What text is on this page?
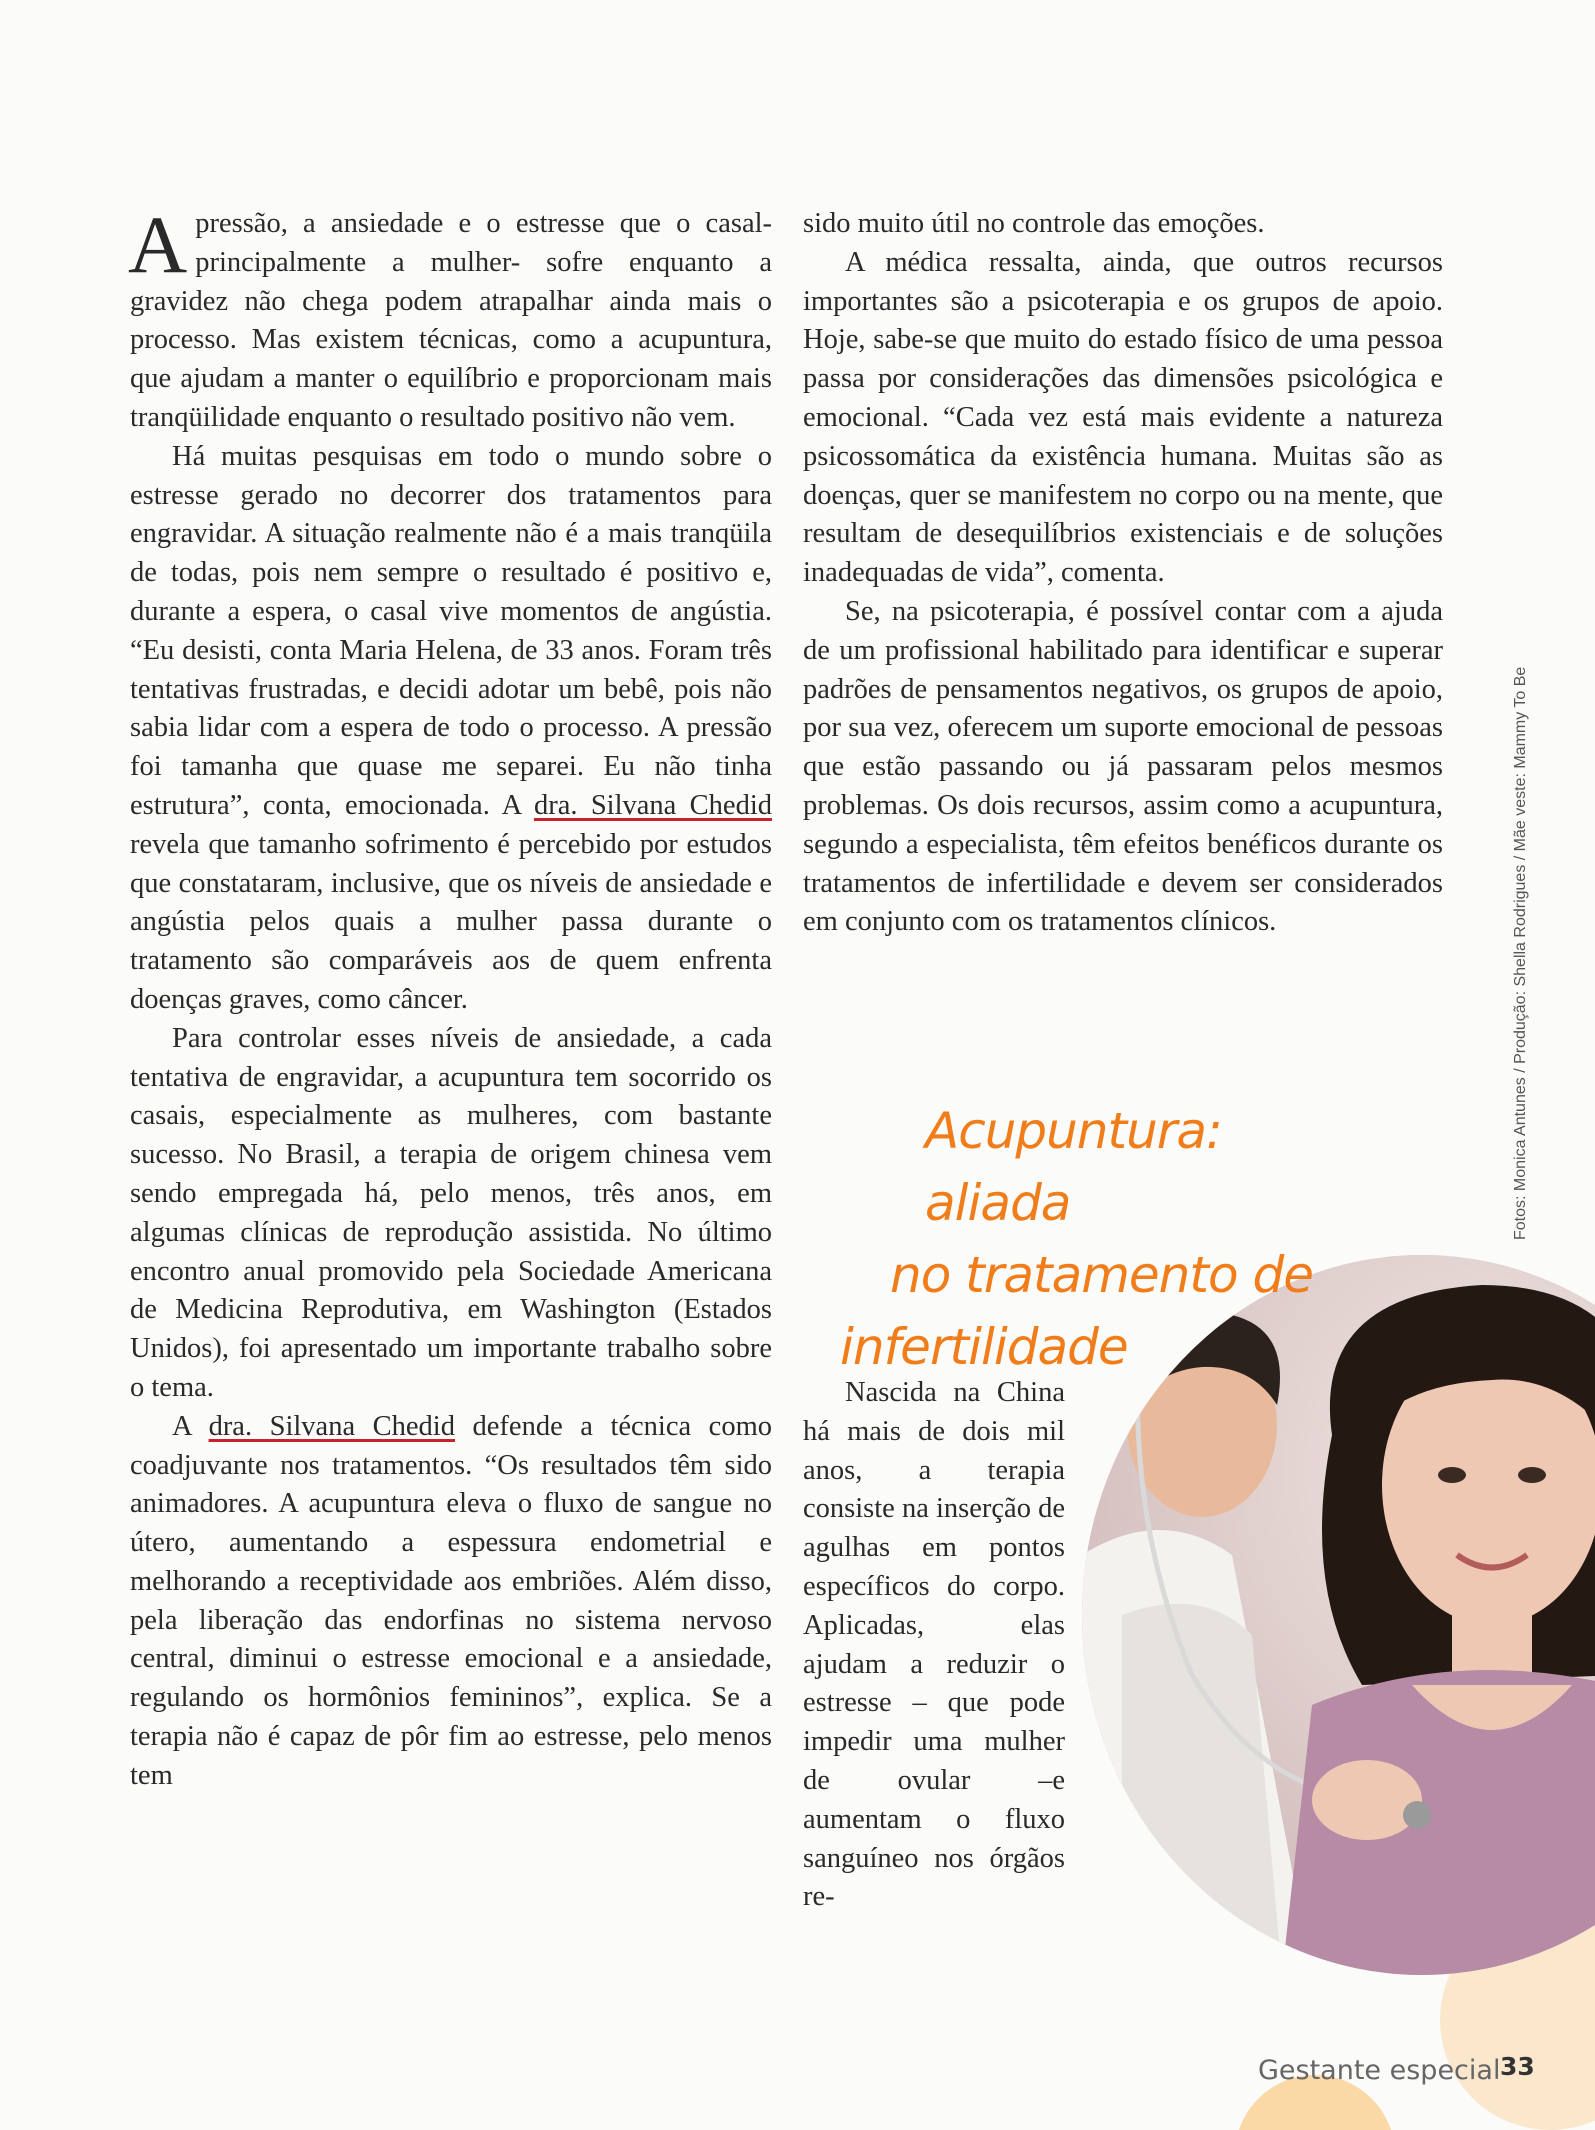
Apressão, a ansiedade e o estresse que o casal- principalmente a mulher- sofre enquanto a gravidez não chega podem atrapalhar ainda mais o processo. Mas existem técnicas, como a acupuntura, que ajudam a manter o equilíbrio e proporcionam mais tranqüilidade enquanto o resultado positivo não vem.

Há muitas pesquisas em todo o mundo sobre o estresse gerado no decorrer dos tratamentos para engravidar. A situação realmente não é a mais tranqüila de todas, pois nem sempre o resultado é positivo e, durante a espera, o casal vive momentos de angústia. “Eu desisti, conta Maria Helena, de 33 anos. Foram três tentativas frustradas, e decidi adotar um bebê, pois não sabia lidar com a espera de todo o processo. A pressão foi tamanha que quase me separei. Eu não tinha estrutura”, conta, emocionada. A dra. Silvana Chedid revela que tamanho sofrimento é percebido por estudos que constataram, inclusive, que os níveis de ansiedade e angústia pelos quais a mulher passa durante o tratamento são comparáveis aos de quem enfrenta doenças graves, como câncer.

Para controlar esses níveis de ansiedade, a cada tentativa de engravidar, a acupuntura tem socorrido os casais, especialmente as mulheres, com bastante sucesso. No Brasil, a terapia de origem chinesa vem sendo empregada há, pelo menos, três anos, em algumas clínicas de reprodução assistida. No último encontro anual promovido pela Sociedade Americana de Medicina Reprodutiva, em Washington (Estados Unidos), foi apresentado um importante trabalho sobre o tema.

A dra. Silvana Chedid defende a técnica como coadjuvante nos tratamentos. “Os resultados têm sido animadores. A acupuntura eleva o fluxo de sangue no útero, aumentando a espessura endometrial e melhorando a receptividade aos embriões. Além disso, pela liberação das endorfinas no sistema nervoso central, diminui o estresse emocional e a ansiedade, regulando os hormônios femininos”, explica. Se a terapia não é capaz de pôr fim ao estresse, pelo menos tem

sido muito útil no controle das emoções.

A médica ressalta, ainda, que outros recursos importantes são a psicoterapia e os grupos de apoio. Hoje, sabe-se que muito do estado físico de uma pessoa passa por considerações das dimensões psicológica e emocional. “Cada vez está mais evidente a natureza psicossomática da existência humana. Muitas são as doenças, quer se manifestem no corpo ou na mente, que resultam de desequilíbrios existenciais e de soluções inadequadas de vida”, comenta.

Se, na psicoterapia, é possível contar com a ajuda de um profissional habilitado para identificar e superar padrões de pensamentos negativos, os grupos de apoio, por sua vez, oferecem um suporte emocional de pessoas que estão passando ou já passaram pelos mesmos problemas. Os dois recursos, assim como a acupuntura, segundo a especialista, têm efeitos benéficos durante os tratamentos de infertilidade e devem ser considerados em conjunto com os tratamentos clínicos.

Acupuntura: aliada
no tratamento de
infertilidade

Nascida na China há mais de dois mil anos, a terapia consiste na inserção de agulhas em pontos específicos do corpo. Aplicadas, elas ajudam a reduzir o estresse – que pode impedir uma mulher de ovular –e aumentam o fluxo sanguíneo nos órgãos re-

Fotos: Monica Antunes / Produção: Shella Rodrigues / Mãe veste: Mammy To Be
Gestante especial 33
